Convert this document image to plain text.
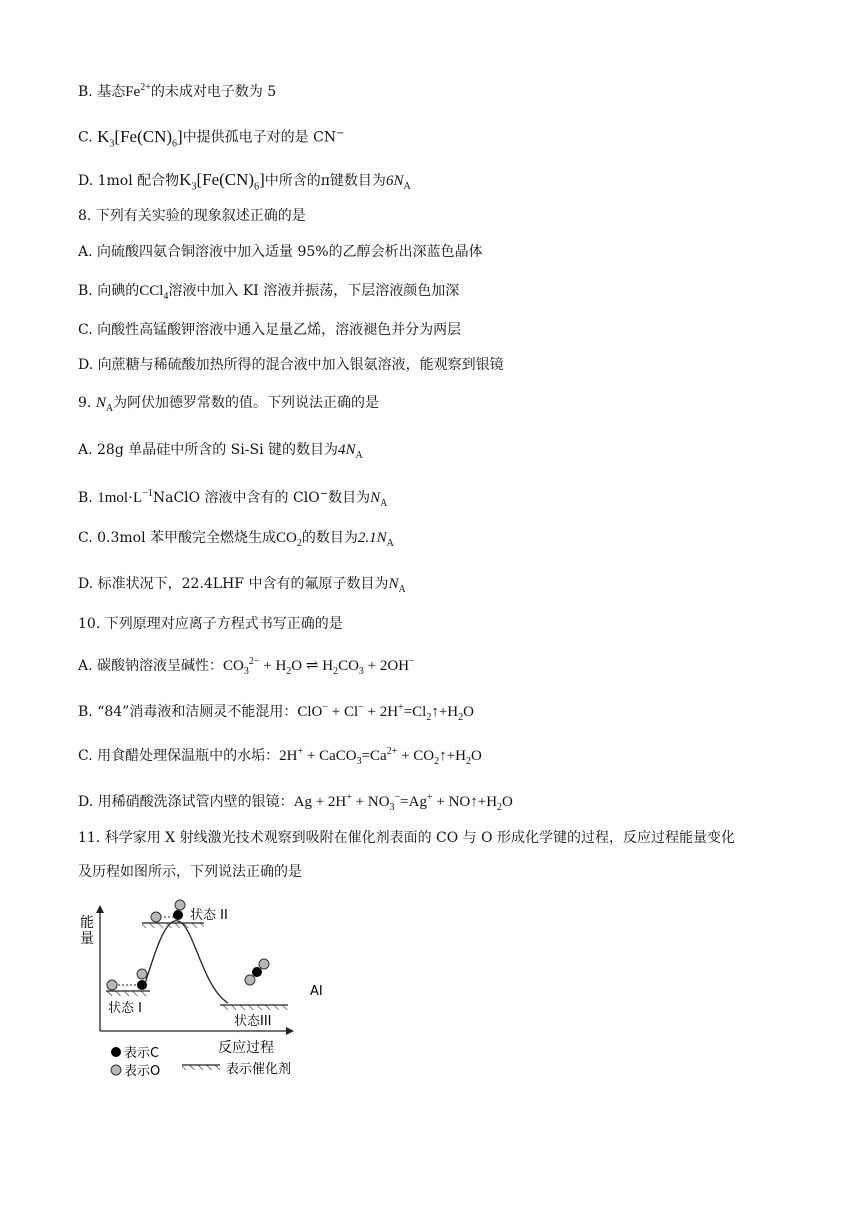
B. 基态$Fe^{2+}$的未成对电子数为 5
C. $K_3[Fe(CN)_6]$中提供孤电子对的是 CN−
D. 1mol 配合物$K_3[Fe(CN)_6]$中所含的π键数目为$6N_A$
8. 下列有关实验的现象叙述正确的是
A. 向硫酸四氨合铜溶液中加入适量 95%的乙醇会析出深蓝色晶体
B. 向碘的CCl$_4$溶液中加入 KI 溶液并振荡，下层溶液颜色加深
C. 向酸性高锰酸钾溶液中通入足量乙烯，溶液褪色并分为两层
D. 向蔗糖与稀硫酸加热所得的混合液中加入银氨溶液，能观察到银镜
9. $N_A$为阿伏加德罗常数的值。下列说法正确的是
A. 28g 单晶硅中所含的 Si-Si 键的数目为$4N_A$
B. $1mol\cdot L^{-1}NaClO$ 溶液中含有的 ClO−数目为$N_A$
C. 0.3mol 苯甲酸完全燃烧生成$CO_2$的数目为$2.1N_A$
D. 标准状况下，22.4LHF 中含有的氟原子数目为$N_A$
10. 下列原理对应离子方程式书写正确的是
A. 碳酸钠溶液呈碱性：$CO_3^{2-} + H_2O$ ⇌ $H_2CO_3 + 2OH^-$
B. “84”消毒液和洁厕灵不能混用：$ClO^- + Cl^- + 2H^+=Cl_2↑+H_2O$
C. 用食醋处理保温瓶中的水垢：$2H^+ + CaCO_3=Ca^{2+}$ + $CO_2↑+H_2O$
D. 用稀硝酸洗涤试管内壁的银镜：$Ag + 2H^+ + NO_3^-=Ag^+$ + $NO↑+H_2O$
11. 科学家用 X 射线激光技术观察到吸附在催化剂表面的 CO 与 O 形成化学键的过程，反应过程能量变化
及历程如图所示，下列说法正确的是
能
量
反应过程
状态 I
状态 II
状态III
AI
表示C
表示O	表示催化剂
